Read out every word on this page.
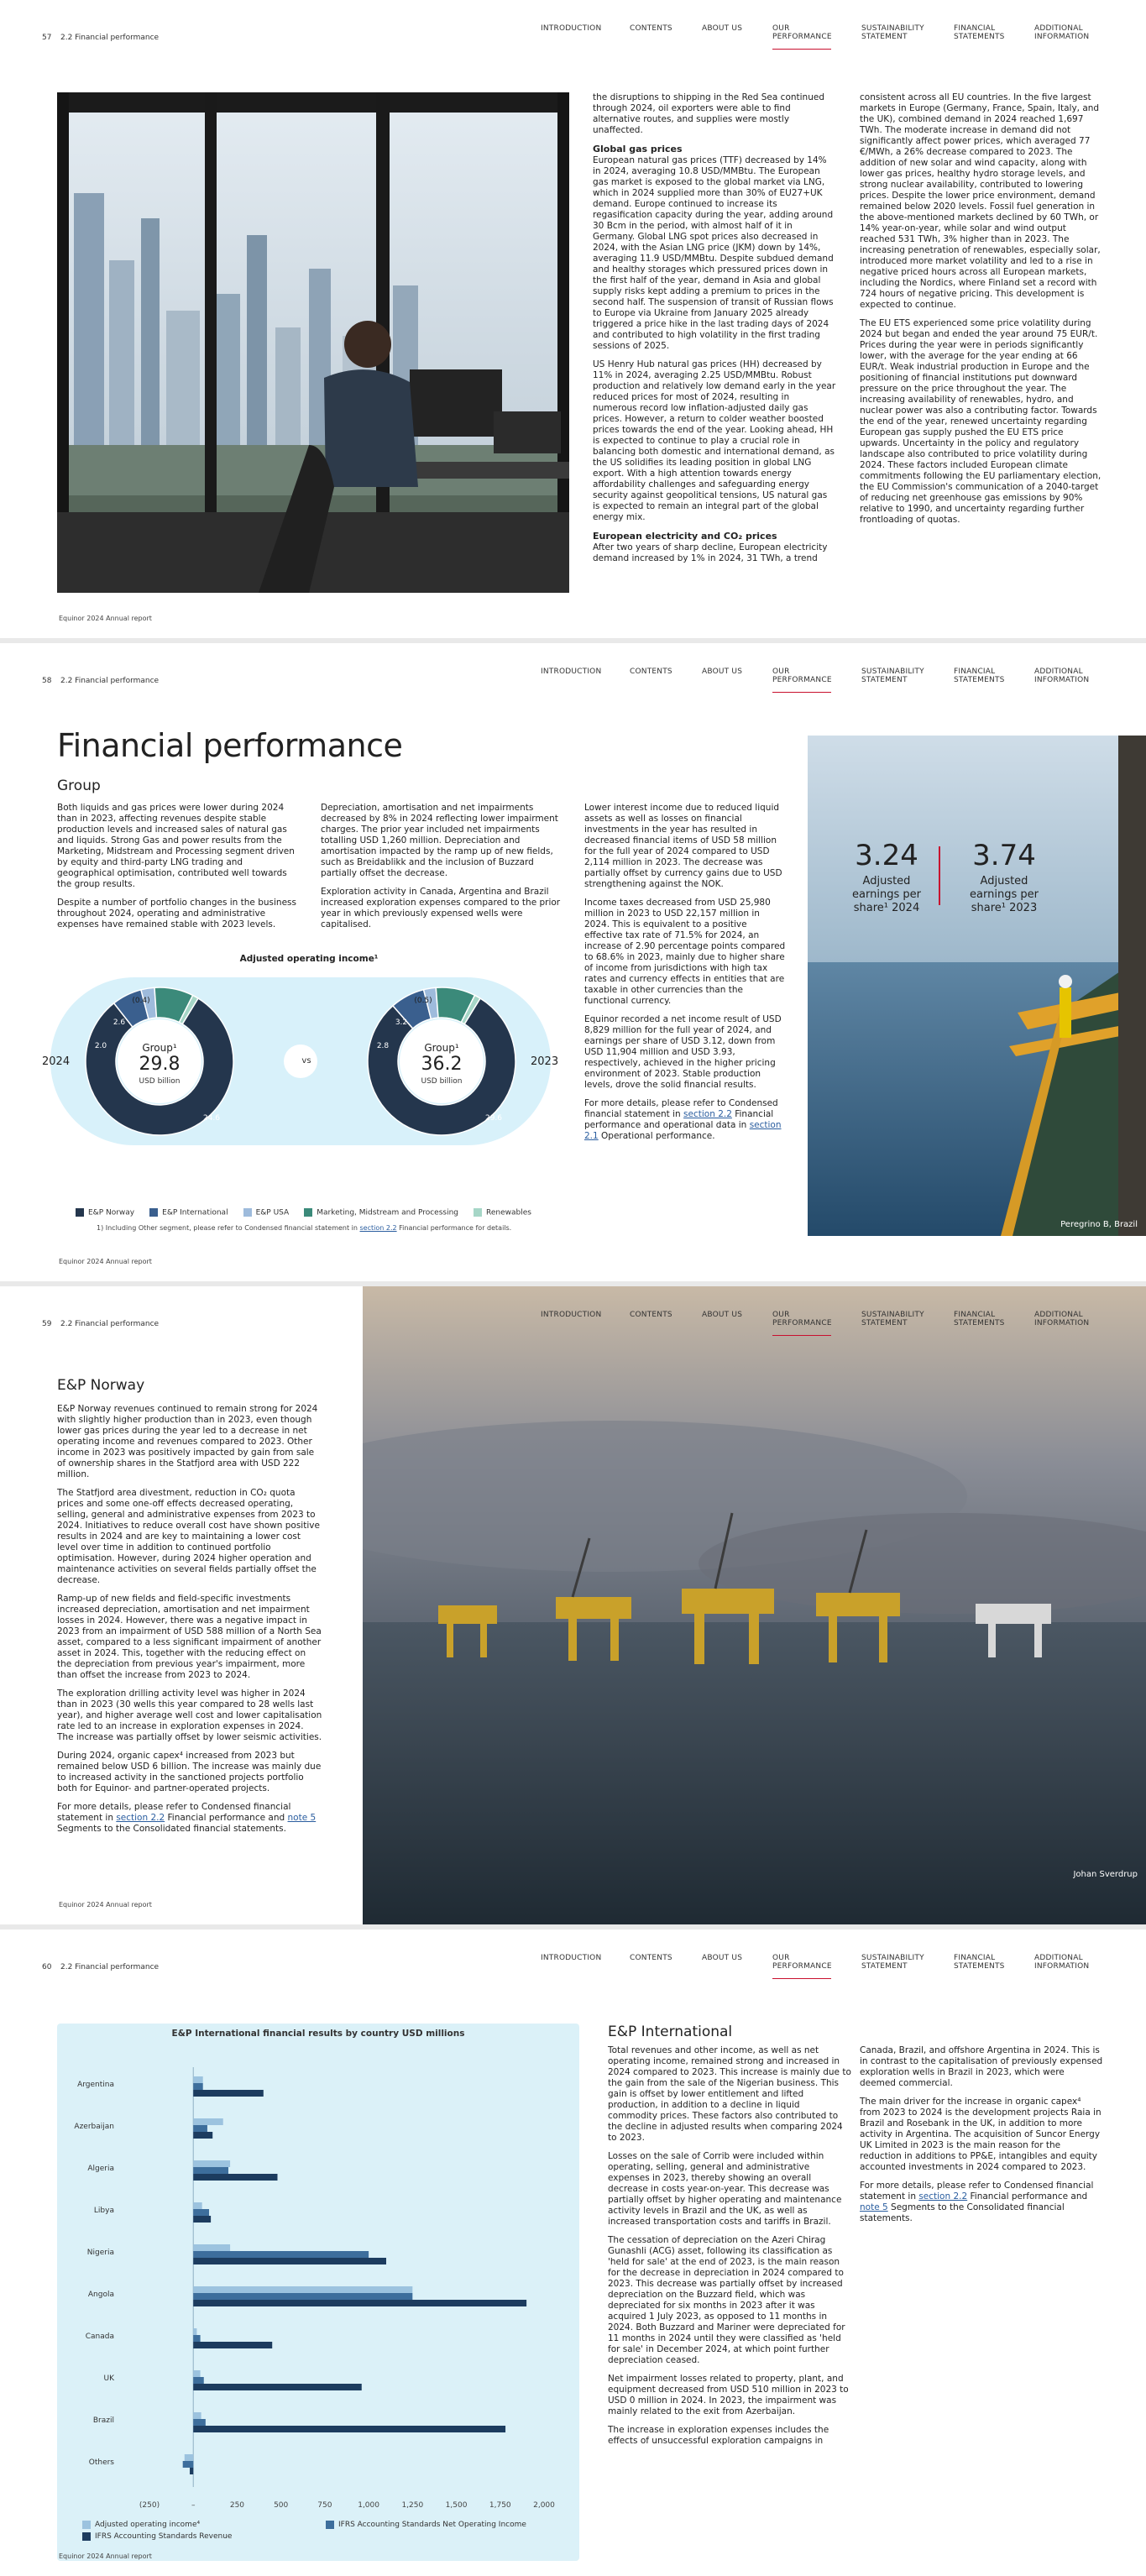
57 2.2 Financial performance
INTRODUCTION	CONTENTS	ABOUT US	OUR PERFORMANCE
SUSTAINABILITY STATEMENT
FINANCIAL STATEMENTS
ADDITIONAL INFORMATION

the disruptions to shipping in the Red Sea continued through 2024, oil exporters were able to find alternative routes, and supplies were mostly unaffected.

Global gas prices

European natural gas prices (TTF) decreased by 14% in 2024, averaging 10.8 USD/MMBtu. The European gas market is exposed to the global market via LNG, which in 2024 supplied more than 30% of EU27+UK demand. Europe continued to increase its regasification capacity during the year, adding around 30 Bcm in the period, with almost half of it in Germany. Global LNG spot prices also decreased in 2024, with the Asian LNG price (JKM) down by 14%, averaging 11.9 USD/MMBtu. Despite subdued demand and healthy storages which pressured prices down in the first half of the year, demand in Asia and global supply risks kept adding a premium to prices in the second half. The suspension of transit of Russian flows to Europe via Ukraine from January 2025 already triggered a price hike in the last trading days of 2024 and contributed to high volatility in the first trading sessions of 2025.

US Henry Hub natural gas prices (HH) decreased by 11% in 2024, averaging 2.25 USD/MMBtu. Robust production and relatively low demand early in the year reduced prices for most of 2024, resulting in numerous record low inflation-adjusted daily gas prices. However, a return to colder weather boosted prices towards the end of the year. Looking ahead, HH is expected to continue to play a crucial role in balancing both domestic and international demand, as the US solidifies its leading position in global LNG export. With a high attention towards energy affordability challenges and safeguarding energy security against geopolitical tensions, US natural gas is expected to remain an integral part of the global energy mix.

European electricity and CO₂ prices

After two years of sharp decline, European electricity demand increased by 1% in 2024, 31 TWh, a trend

consistent across all EU countries. In the five largest markets in Europe (Germany, France, Spain, Italy, and the UK), combined demand in 2024 reached 1,697 TWh. The moderate increase in demand did not significantly affect power prices, which averaged 77 €/MWh, a 26% decrease compared to 2023. The addition of new solar and wind capacity, along with lower gas prices, healthy hydro storage levels, and strong nuclear availability, contributed to lowering prices. Despite the lower price environment, demand remained below 2020 levels. Fossil fuel generation in the above-mentioned markets declined by 60 TWh, or 14% year-on-year, while solar and wind output reached 531 TWh, 3% higher than in 2023. The increasing penetration of renewables, especially solar, introduced more market volatility and led to a rise in negative priced hours across all European markets, including the Nordics, where Finland set a record with 724 hours of negative pricing. This development is expected to continue.

The EU ETS experienced some price volatility during 2024 but began and ended the year around 75 EUR/t. Prices during the year were in periods significantly lower, with the average for the year ending at 66 EUR/t. Weak industrial production in Europe and the positioning of financial institutions put downward pressure on the price throughout the year. The increasing availability of renewables, hydro, and nuclear power was also a contributing factor. Towards the end of the year, renewed uncertainty regarding European gas supply pushed the EU ETS price upwards. Uncertainty in the policy and regulatory landscape also contributed to price volatility during 2024. These factors included European climate commitments following the EU parliamentary election, the EU Commission's communication of a 2040-target of reducing net greenhouse gas emissions by 90% relative to 1990, and uncertainty regarding further frontloading of quotas.

Equinor 2024 Annual report
58 2.2 Financial performance
INTRODUCTION	CONTENTS	ABOUT US	OUR PERFORMANCE
SUSTAINABILITY STATEMENT
FINANCIAL STATEMENTS
ADDITIONAL INFORMATION
Financial performance
Group

Both liquids and gas prices were lower during 2024 than in 2023, affecting revenues despite stable production levels and increased sales of natural gas and liquids. Strong Gas and power results from the Marketing, Midstream and Processing segment driven by equity and third-party LNG trading and geographical optimisation, contributed well towards the group results.

Despite a number of portfolio changes in the business throughout 2024, operating and administrative expenses have remained stable with 2023 levels.

Depreciation, amortisation and net impairments decreased by 8% in 2024 reflecting lower impairment charges. The prior year included net impairments totalling USD 1,260 million. Depreciation and amortisation impacted by the ramp up of new fields, such as Breidablikk and the inclusion of Buzzard partially offset the decrease.

Exploration activity in Canada, Argentina and Brazil increased exploration expenses compared to the prior year in which previously expensed wells were capitalised.

Lower interest income due to reduced liquid assets as well as losses on financial investments in the year has resulted in decreased financial items of USD 58 million for the full year of 2024 compared to USD 2,114 million in 2023. The decrease was partially offset by currency gains due to USD strengthening against the NOK.

Income taxes decreased from USD 25,980 million in 2023 to USD 22,157 million in 2024. This is equivalent to a positive effective tax rate of 71.5% for 2024, an increase of 2.90 percentage points compared to 68.6% in 2023, mainly due to higher share of income from jurisdictions with high tax rates and currency effects in entities that are taxable in other currencies than the functional currency.

Equinor recorded a net income result of USD 8,829 million for the full year of 2024, and earnings per share of USD 3.12, down from USD 11,904 million and USD 3.93, respectively, achieved in the higher pricing environment of 2023. Stable production levels, drove the solid financial results.

For more details, please refer to Condensed financial statement in section 2.2 Financial performance and operational data in section 2.1 Operational performance.

Adjusted operating income¹
Group¹
29.8
USD billion
24.6
2.0
2.6
(0.4)
Group¹
36.2
USD billion
29.6
2.8
3.2
(0.5)
vs
2024	2023
E&P Norway	E&P International	E&P USA	Marketing, Midstream and Processing	Renewables
1) Including Other segment, please refer to Condensed financial statement in section 2.2 Financial performance for details.
3.24
Adjusted earnings per share¹ 2024
3.74
Adjusted earnings per share¹ 2023
Peregrino B, Brazil
Equinor 2024 Annual report
Johan Sverdrup
59 2.2 Financial performance
INTRODUCTION	CONTENTS	ABOUT US	OUR PERFORMANCE
SUSTAINABILITY STATEMENT
FINANCIAL STATEMENTS
ADDITIONAL INFORMATION
E&P Norway

E&P Norway revenues continued to remain strong for 2024 with slightly higher production than in 2023, even though lower gas prices during the year led to a decrease in net operating income and revenues compared to 2023. Other income in 2023 was positively impacted by gain from sale of ownership shares in the Statfjord area with USD 222 million.

The Statfjord area divestment, reduction in CO₂ quota prices and some one-off effects decreased operating, selling, general and administrative expenses from 2023 to 2024. Initiatives to reduce overall cost have shown positive results in 2024 and are key to maintaining a lower cost level over time in addition to continued portfolio optimisation. However, during 2024 higher operation and maintenance activities on several fields partially offset the decrease.

Ramp-up of new fields and field-specific investments increased depreciation, amortisation and net impairment losses in 2024. However, there was a negative impact in 2023 from an impairment of USD 588 million of a North Sea asset, compared to a less significant impairment of another asset in 2024. This, together with the reducing effect on the depreciation from previous year's impairment, more than offset the increase from 2023 to 2024.

The exploration drilling activity level was higher in 2024 than in 2023 (30 wells this year compared to 28 wells last year), and higher average well cost and lower capitalisation rate led to an increase in exploration expenses in 2024. The increase was partially offset by lower seismic activities.

During 2024, organic capex⁴ increased from 2023 but remained below USD 6 billion. The increase was mainly due to increased activity in the sanctioned projects portfolio both for Equinor- and partner-operated projects.

For more details, please refer to Condensed financial statement in section 2.2 Financial performance and note 5 Segments to the Consolidated financial statements.

Equinor 2024 Annual report
60 2.2 Financial performance
INTRODUCTION	CONTENTS	ABOUT US	OUR PERFORMANCE
SUSTAINABILITY STATEMENT
FINANCIAL STATEMENTS
ADDITIONAL INFORMATION
E&P International financial results by country USD millions
Argentina
Azerbaijan
Algeria
Libya
Nigeria
Angola
Canada
UK
Brazil
Others
(250)	–	250	500	750	1,000	1,250	1,500	1,750	2,000
Adjusted operating income⁴
IFRS Accounting Standards Revenue
IFRS Accounting Standards Net Operating Income
E&P International

Total revenues and other income, as well as net operating income, remained strong and increased in 2024 compared to 2023. This increase is mainly due to the gain from the sale of the Nigerian business. This gain is offset by lower entitlement and lifted production, in addition to a decline in liquid commodity prices. These factors also contributed to the decline in adjusted results when comparing 2024 to 2023.

Losses on the sale of Corrib were included within operating, selling, general and administrative expenses in 2023, thereby showing an overall decrease in costs year-on-year. This decrease was partially offset by higher operating and maintenance activity levels in Brazil and the UK, as well as increased transportation costs and tariffs in Brazil.

The cessation of depreciation on the Azeri Chirag Gunashli (ACG) asset, following its classification as 'held for sale' at the end of 2023, is the main reason for the decrease in depreciation in 2024 compared to 2023. This decrease was partially offset by increased depreciation on the Buzzard field, which was depreciated for six months in 2023 after it was acquired 1 July 2023, as opposed to 11 months in 2024. Both Buzzard and Mariner were depreciated for 11 months in 2024 until they were classified as 'held for sale' in December 2024, at which point further depreciation ceased.

Net impairment losses related to property, plant, and equipment decreased from USD 510 million in 2023 to USD 0 million in 2024. In 2023, the impairment was mainly related to the exit from Azerbaijan.

The increase in exploration expenses includes the effects of unsuccessful exploration campaigns in

Canada, Brazil, and offshore Argentina in 2024. This is in contrast to the capitalisation of previously expensed exploration wells in Brazil in 2023, which were deemed commercial.

The main driver for the increase in organic capex⁴ from 2023 to 2024 is the development projects Raia in Brazil and Rosebank in the UK, in addition to more activity in Argentina. The acquisition of Suncor Energy UK Limited in 2023 is the main reason for the reduction in additions to PP&E, intangibles and equity accounted investments in 2024 compared to 2023.

For more details, please refer to Condensed financial statement in section 2.2 Financial performance and note 5 Segments to the Consolidated financial statements.

Equinor 2024 Annual report
